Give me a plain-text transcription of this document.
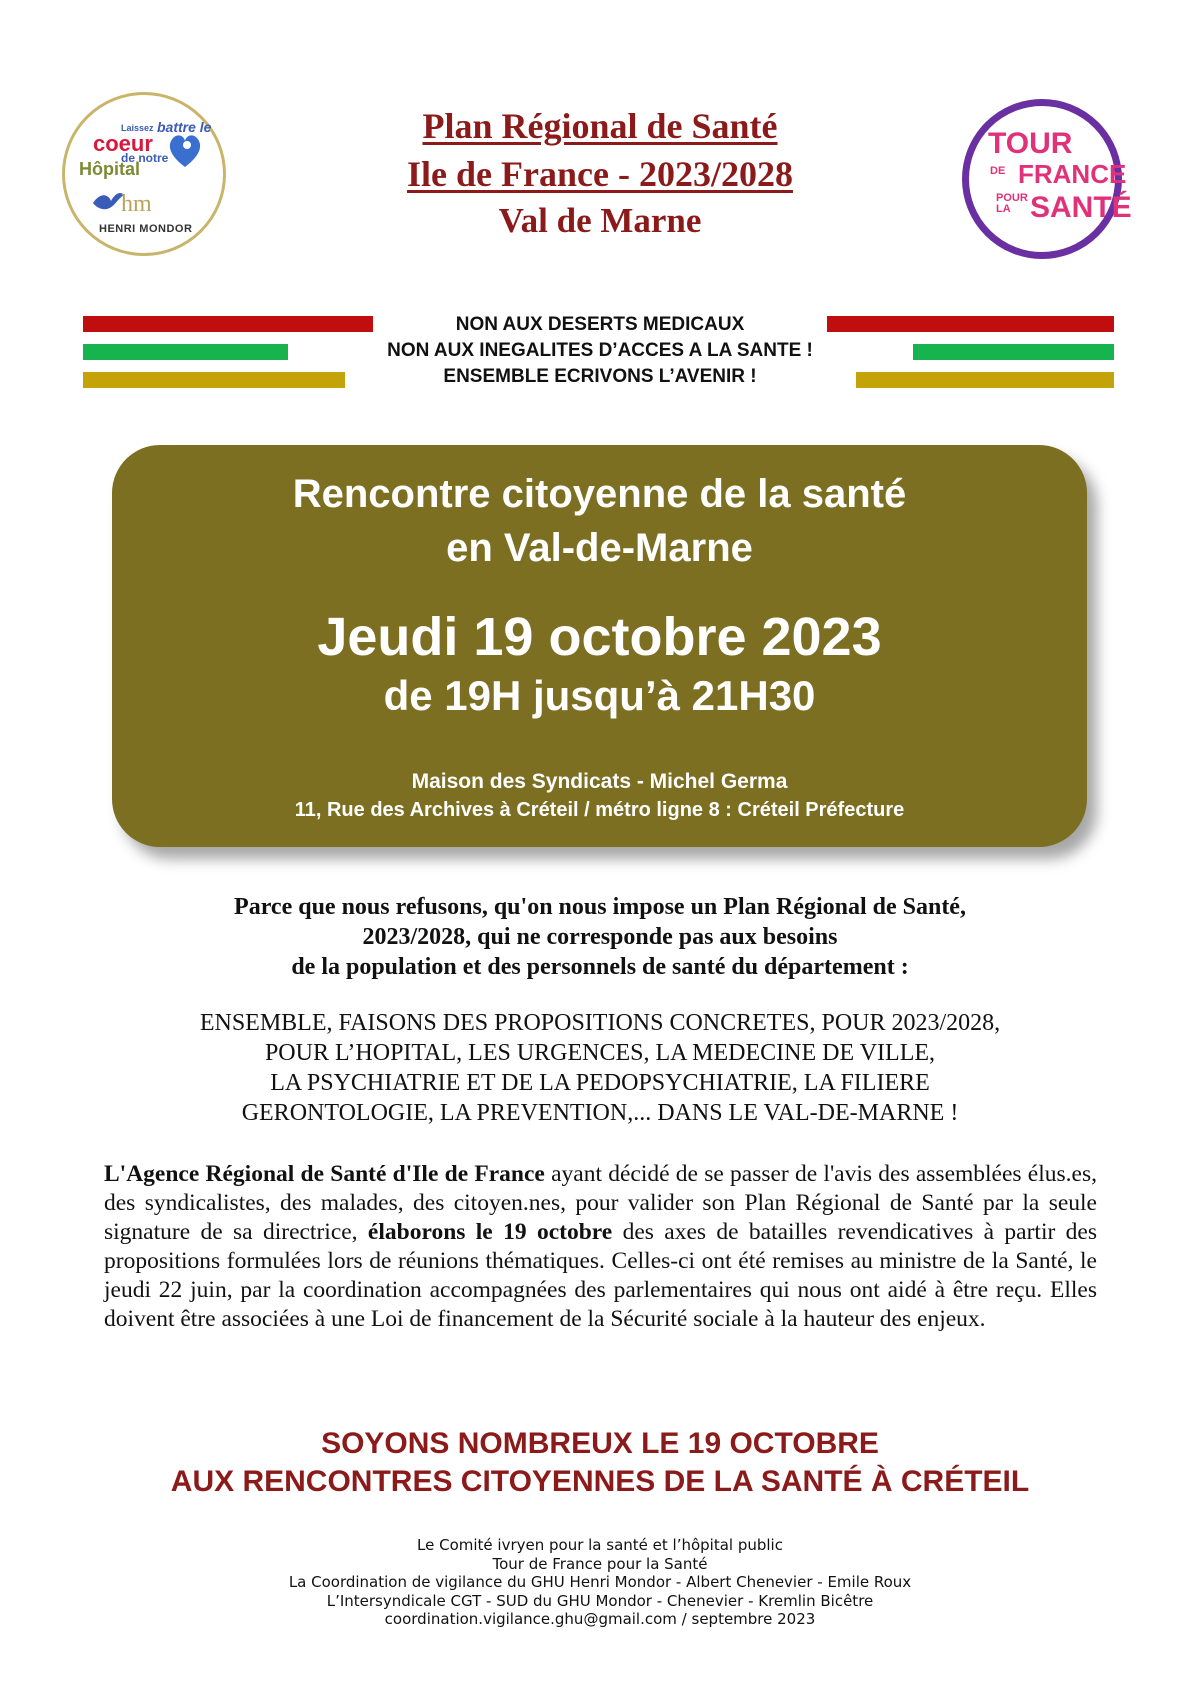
Laissez battre le
coeur
de notre
Hôpital
hm
HENRI MONDOR
Plan Régional de Santé
Ile de France - 2023/2028
Val de Marne
TOUR
DE FRANCE
POUR LA SANTÉ
NON AUX DESERTS MEDICAUX
NON AUX INEGALITES D’ACCES A LA SANTE !
ENSEMBLE ECRIVONS L’AVENIR !
Rencontre citoyenne de la santé
en Val-de-Marne
Jeudi 19 octobre 2023
de 19H jusqu’à 21H30
Maison des Syndicats - Michel Germa
11, Rue des Archives à Créteil / métro ligne 8 : Créteil Préfecture
Parce que nous refusons, qu'on nous impose un Plan Régional de Santé,
2023/2028, qui ne corresponde pas aux besoins
de la population et des personnels de santé du département :
ENSEMBLE, FAISONS DES PROPOSITIONS CONCRETES, POUR 2023/2028,
POUR L’HOPITAL, LES URGENCES, LA MEDECINE DE VILLE,
LA PSYCHIATRIE ET DE LA PEDOPSYCHIATRIE, LA FILIERE
GERONTOLOGIE, LA PREVENTION,... DANS LE VAL-DE-MARNE !
L'Agence Régional de Santé d'Ile de France ayant décidé de se passer de l'avis des assemblées élus.es, des syndicalistes, des malades, des citoyen.nes, pour valider son Plan Régional de Santé par la seule signature de sa directrice, élaborons le 19 octobre des axes de batailles revendicatives à partir des propositions formulées lors de réunions thématiques. Celles-ci ont été remises au ministre de la Santé, le jeudi 22 juin, par la coordination accompagnées des parlementaires qui nous ont aidé à être reçu. Elles doivent être associées à une Loi de financement de la Sécurité sociale à la hauteur des enjeux.
SOYONS NOMBREUX LE 19 OCTOBRE
AUX RENCONTRES CITOYENNES DE LA SANTÉ À CRÉTEIL
Le Comité ivryen pour la santé et l’hôpital public
Tour de France pour la Santé
La Coordination de vigilance du GHU Henri Mondor - Albert Chenevier - Emile Roux
L’Intersyndicale CGT - SUD du GHU Mondor - Chenevier - Kremlin Bicêtre
coordination.vigilance.ghu@gmail.com / septembre 2023
